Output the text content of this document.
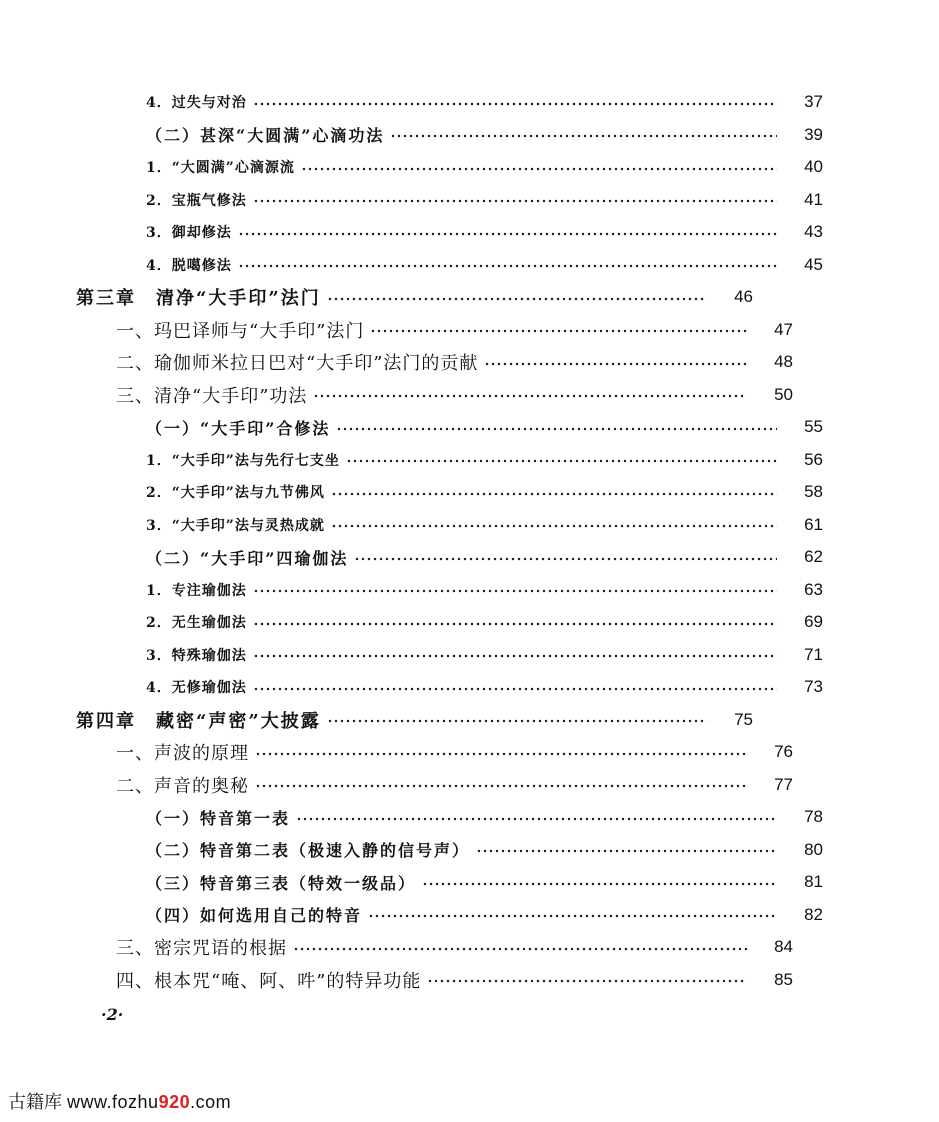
4．过失与对治	37
（二）甚深“大圆满”心滴功法	39
1．“大圆满”心滴源流	40
2．宝瓶气修法	41
3．御却修法	43
4．脱噶修法	45
第三章　清净“大手印”法门	46
一、玛巴译师与“大手印”法门	47
二、瑜伽师米拉日巴对“大手印”法门的贡献	48
三、清净“大手印”功法	50
（一）“大手印”合修法	55
1．“大手印”法与先行七支坐	56
2．“大手印”法与九节佛风	58
3．“大手印”法与灵热成就	61
（二）“大手印”四瑜伽法	62
1．专注瑜伽法	63
2．无生瑜伽法	69
3．特殊瑜伽法	71
4．无修瑜伽法	73
第四章　藏密“声密”大披露	75
一、声波的原理	76
二、声音的奥秘	77
（一）特音第一表	78
（二）特音第二表（极速入静的信号声）	80
（三）特音第三表（特效一级品）	81
（四）如何选用自己的特音	82
三、密宗咒语的根据	84
四、根本咒“唵、阿、吽”的特异功能	85
·2·
古籍库 www.fozhu920.com
